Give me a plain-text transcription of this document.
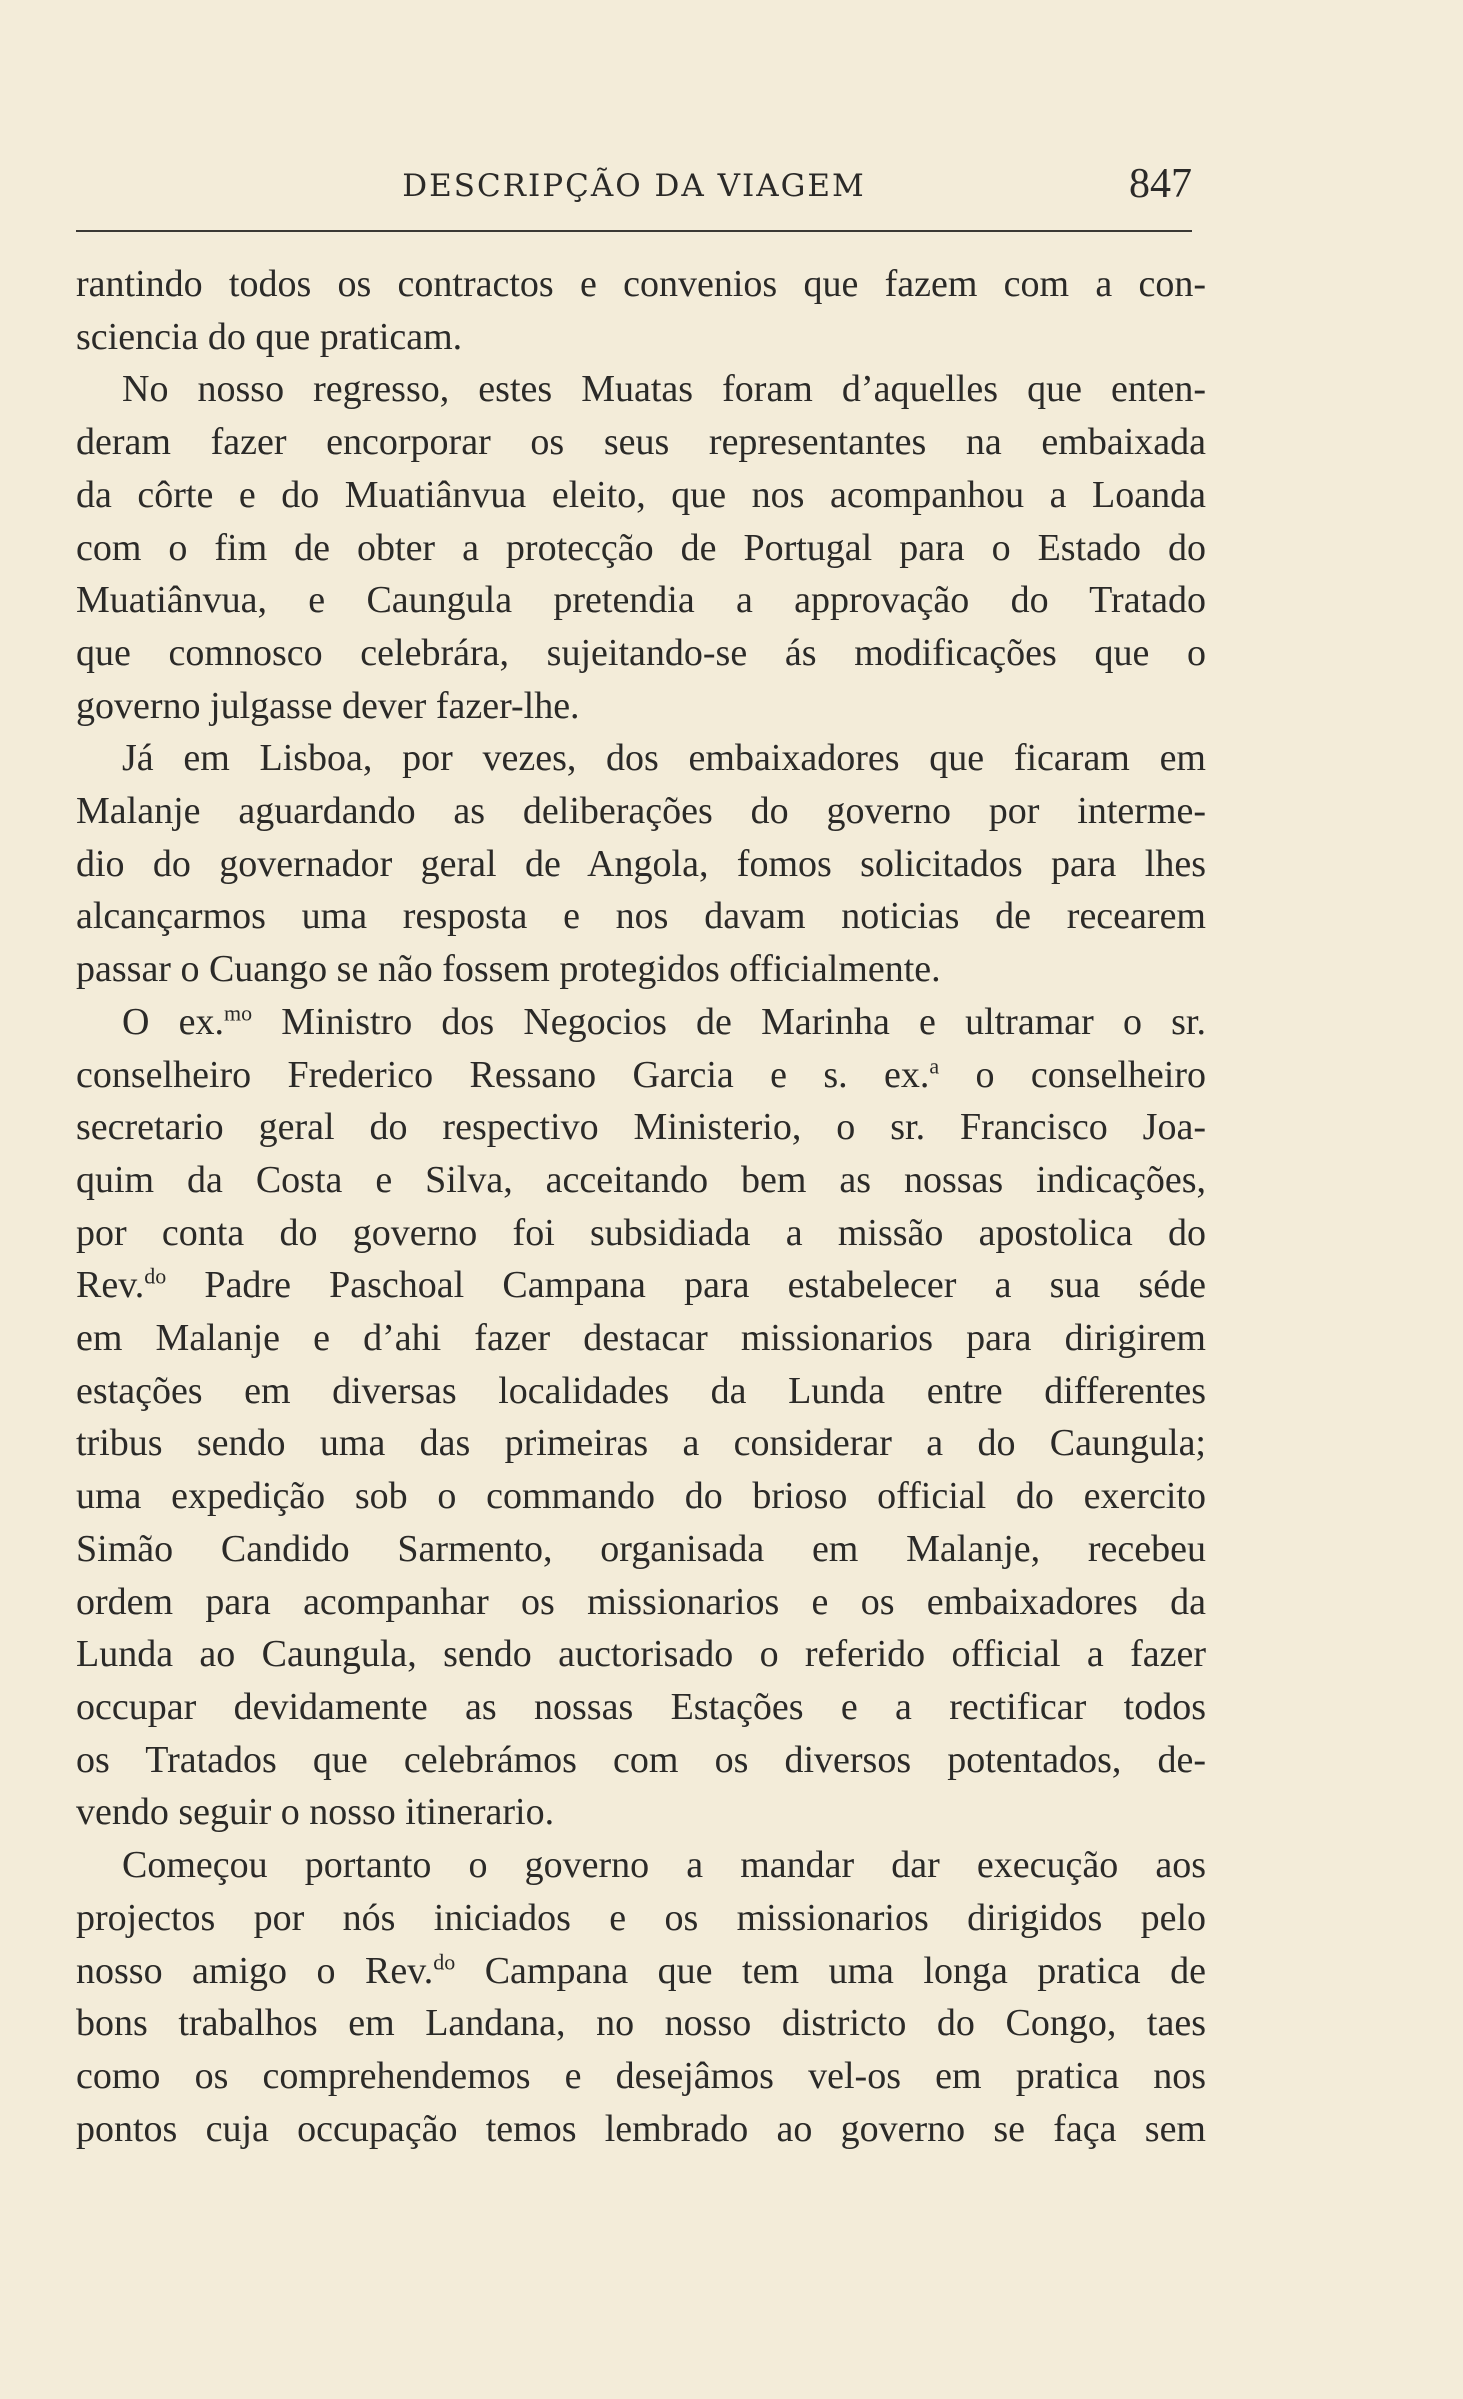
DESCRIPÇÃO DA VIAGEM	847
rantindo todos os contractos e convenios que fazem com a con-
sciencia do que praticam.
No nosso regresso, estes Muatas foram d’aquelles que enten-
deram fazer encorporar os seus representantes na embaixada
da côrte e do Muatiânvua eleito, que nos acompanhou a Loanda
com o fim de obter a protecção de Portugal para o Estado do
Muatiânvua, e Caungula pretendia a approvação do Tratado
que comnosco celebrára, sujeitando-se ás modificações que o
governo julgasse dever fazer-lhe.
Já em Lisboa, por vezes, dos embaixadores que ficaram em
Malanje aguardando as deliberações do governo por interme-
dio do governador geral de Angola, fomos solicitados para lhes
alcançarmos uma resposta e nos davam noticias de recearem
passar o Cuango se não fossem protegidos officialmente.
O ex.$^{mo}$ Ministro dos Negocios de Marinha e ultramar o sr.
conselheiro Frederico Ressano Garcia e s. ex.$^a$ o conselheiro
secretario geral do respectivo Ministerio, o sr. Francisco Joa-
quim da Costa e Silva, acceitando bem as nossas indicações,
por conta do governo foi subsidiada a missão apostolica do
Rev.$^{do}$ Padre Paschoal Campana para estabelecer a sua séde
em Malanje e d’ahi fazer destacar missionarios para dirigirem
estações em diversas localidades da Lunda entre differentes
tribus sendo uma das primeiras a considerar a do Caungula;
uma expedição sob o commando do brioso official do exercito
Simão Candido Sarmento, organisada em Malanje, recebeu
ordem para acompanhar os missionarios e os embaixadores da
Lunda ao Caungula, sendo auctorisado o referido official a fazer
occupar devidamente as nossas Estações e a rectificar todos
os Tratados que celebrámos com os diversos potentados, de-
vendo seguir o nosso itinerario.
Começou portanto o governo a mandar dar execução aos
projectos por nós iniciados e os missionarios dirigidos pelo
nosso amigo o Rev.$^{do}$ Campana que tem uma longa pratica de
bons trabalhos em Landana, no nosso districto do Congo, taes
como os comprehendemos e desejâmos vel-os em pratica nos
pontos cuja occupação temos lembrado ao governo se faça sem
